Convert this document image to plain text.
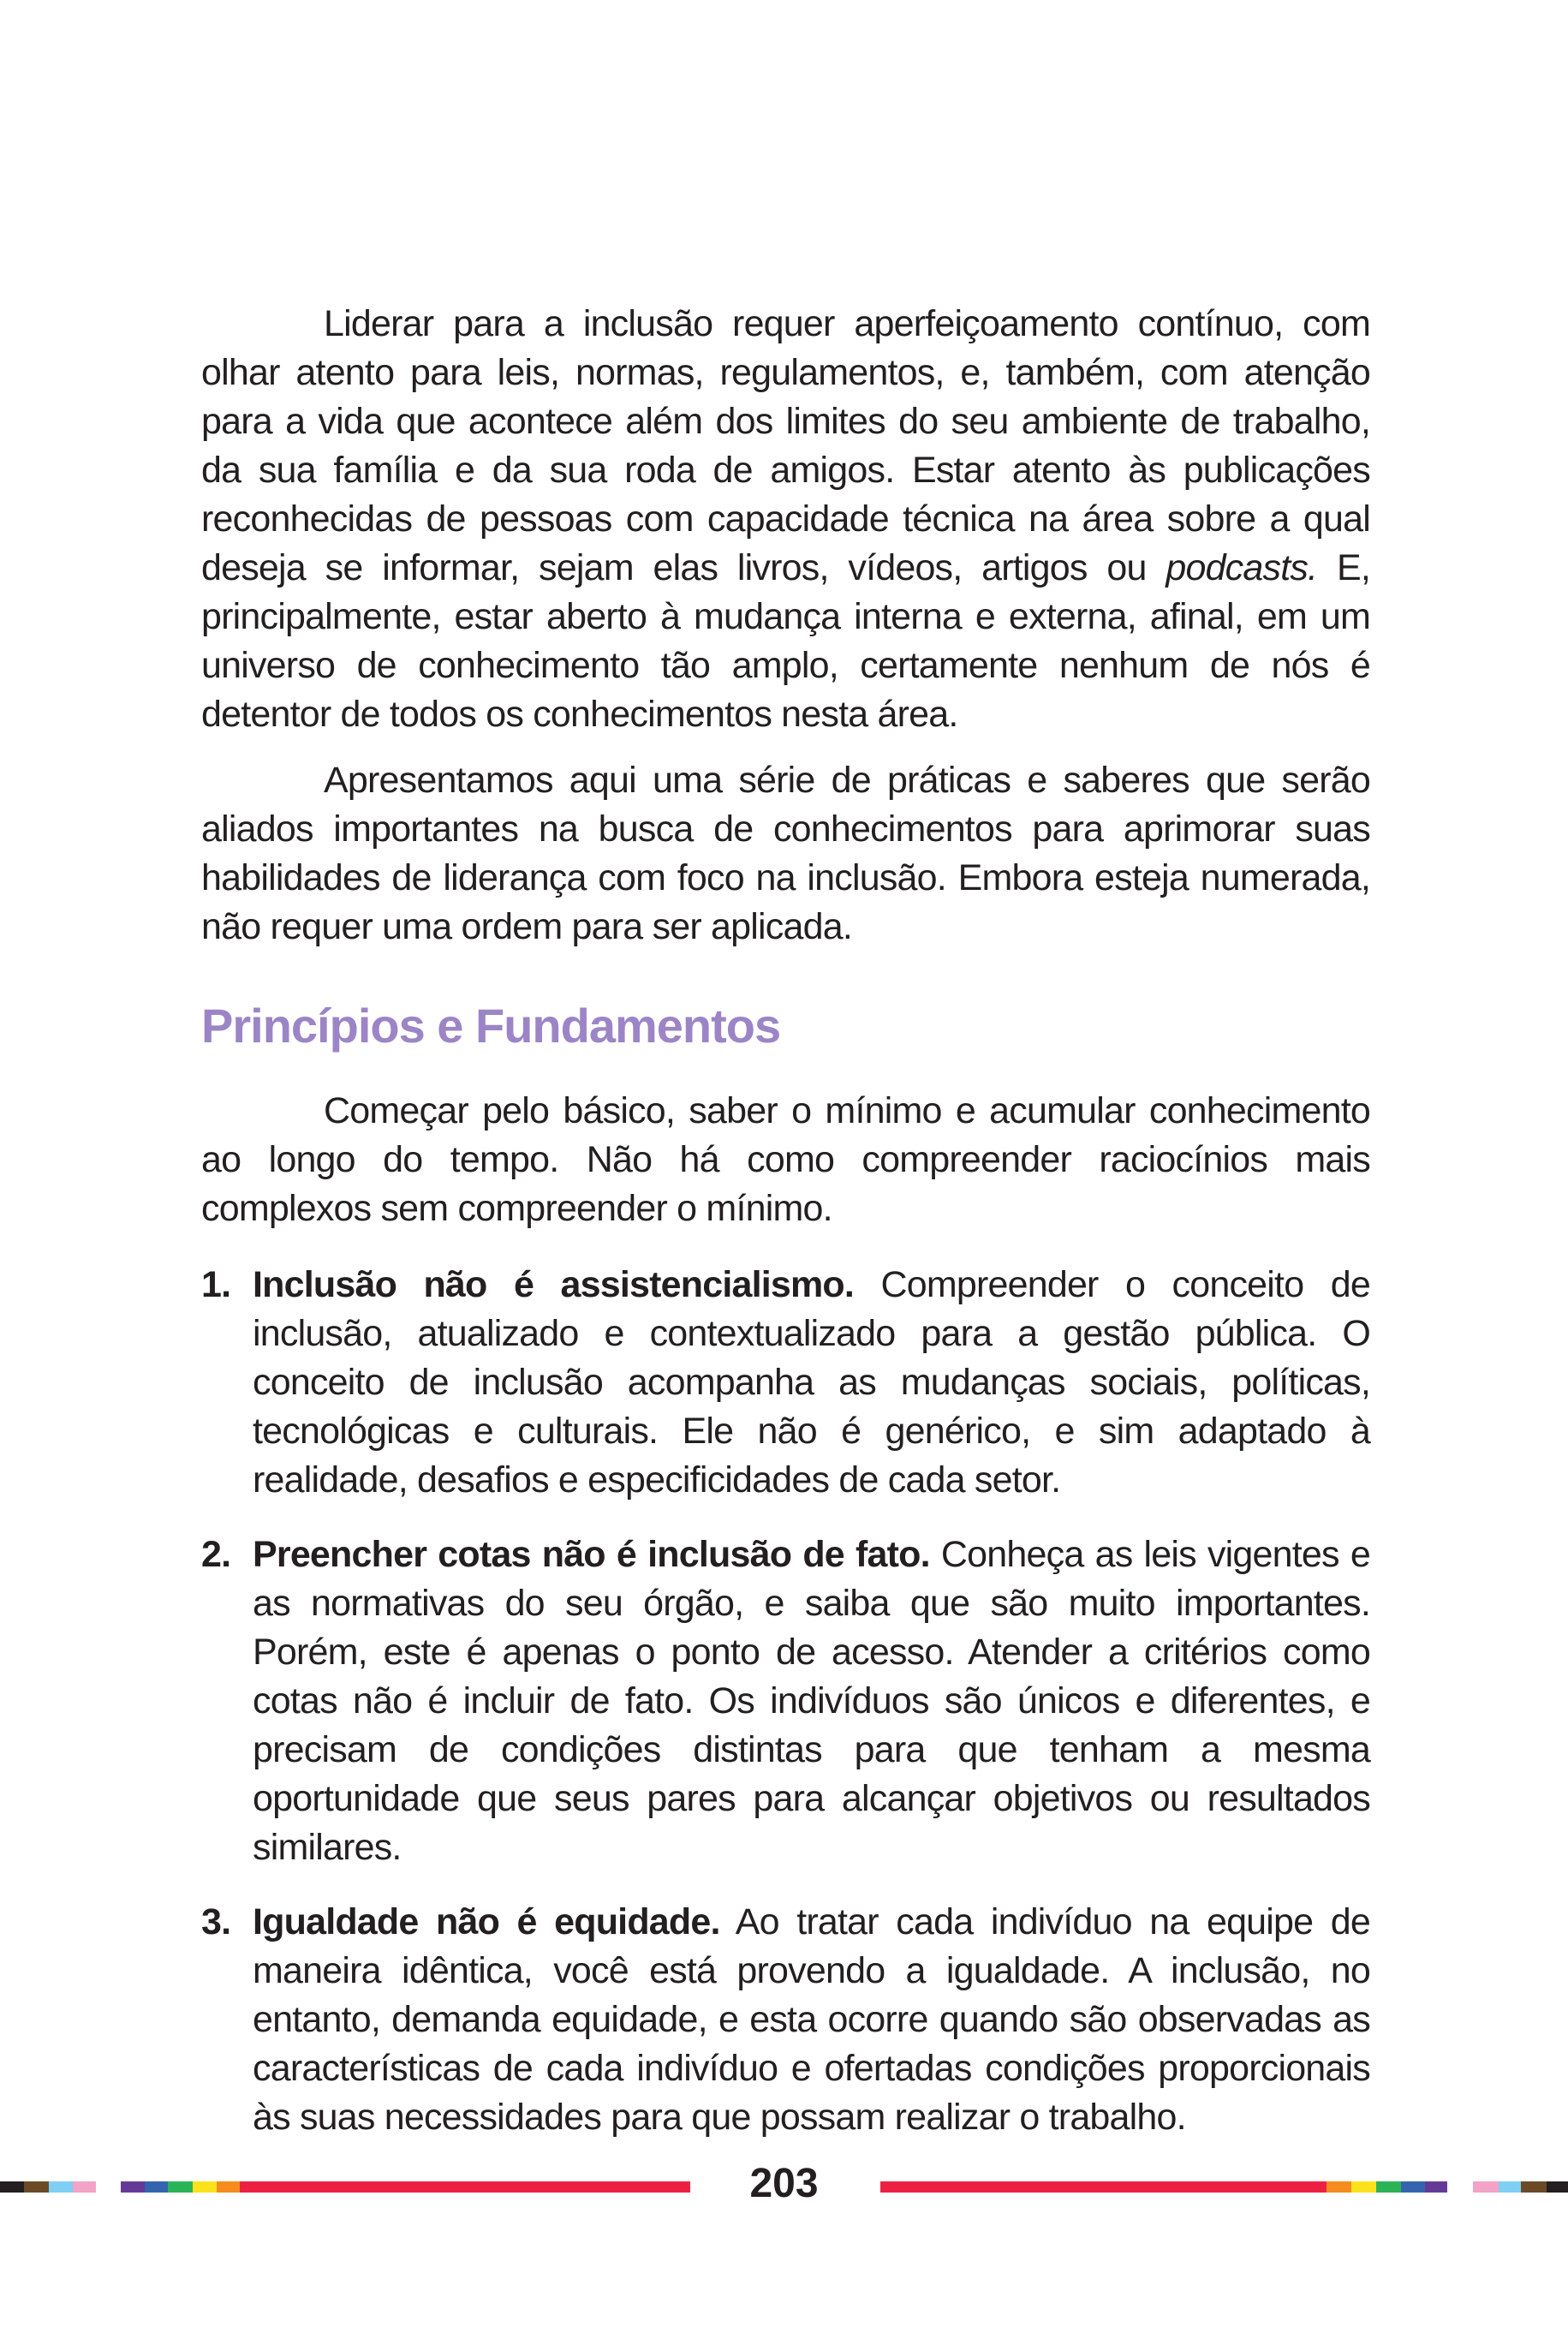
Liderar para a inclusão requer aperfeiçoamento contínuo, com olhar atento para leis, normas, regulamentos, e, também, com atenção para a vida que acontece além dos limites do seu ambiente de trabalho, da sua família e da sua roda de amigos. Estar atento às publicações reconhecidas de pessoas com capacidade técnica na área sobre a qual deseja se informar, sejam elas livros, vídeos, artigos ou podcasts. E, principalmente, estar aberto à mudança interna e externa, afinal, em um universo de conhecimento tão amplo, certamente nenhum de nós é detentor de todos os conhecimentos nesta área.

Apresentamos aqui uma série de práticas e saberes que serão aliados importantes na busca de conhecimentos para aprimorar suas habilidades de liderança com foco na inclusão. Embora esteja numerada, não requer uma ordem para ser aplicada.

Princípios e Fundamentos

Começar pelo básico, saber o mínimo e acumular conhecimento ao longo do tempo. Não há como compreender raciocínios mais complexos sem compreender o mínimo.

1. Inclusão não é assistencialismo. Compreender o conceito de inclusão, atualizado e contextualizado para a gestão pública. O conceito de inclusão acompanha as mudanças sociais, políticas, tecnológicas e culturais. Ele não é genérico, e sim adaptado à realidade, desafios e especificidades de cada setor.
2. Preencher cotas não é inclusão de fato. Conheça as leis vigentes e as normativas do seu órgão, e saiba que são muito importantes. Porém, este é apenas o ponto de acesso. Atender a critérios como cotas não é incluir de fato. Os indivíduos são únicos e diferentes, e precisam de condições distintas para que tenham a mesma oportunidade que seus pares para alcançar objetivos ou resultados similares.
3. Igualdade não é equidade. Ao tratar cada indivíduo na equipe de maneira idêntica, você está provendo a igualdade. A inclusão, no entanto, demanda equidade, e esta ocorre quando são observadas as características de cada indivíduo e ofertadas condições proporcionais às suas necessidades para que possam realizar o trabalho.
203
